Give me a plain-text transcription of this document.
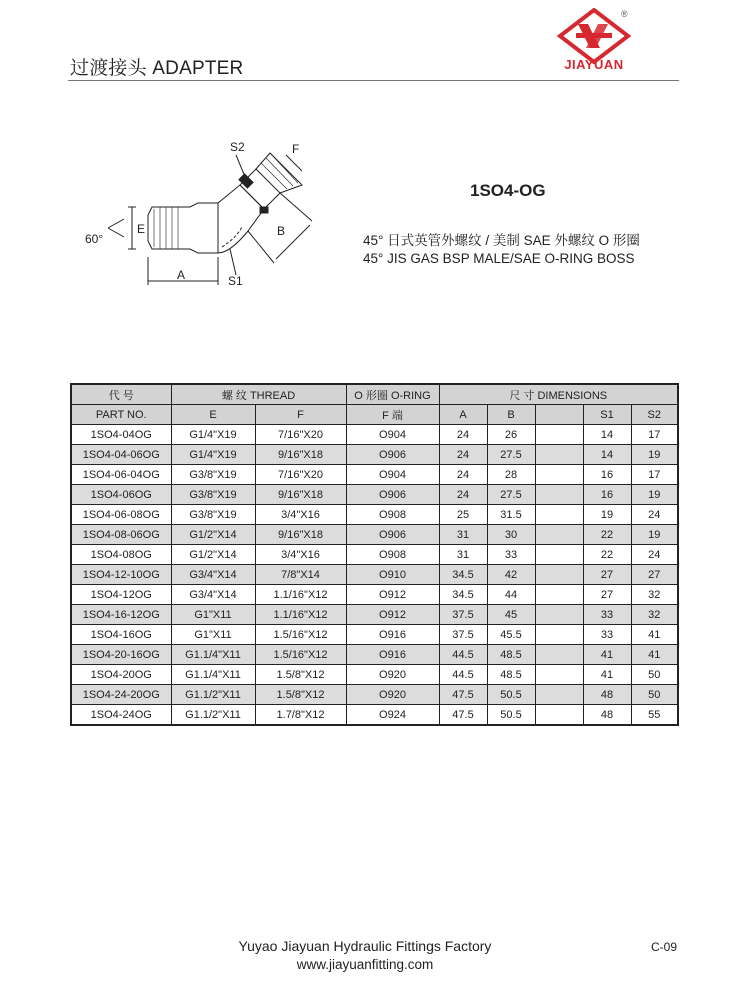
过渡接头 ADAPTER
®
JIAYUAN
S2	F
E
60°
B
A	S1
1SO4-OG
45° 日式英管外螺纹 / 美制 SAE 外螺纹 O 形圈
45° JIS GAS BSP MALE/SAE O-RING BOSS
代 号	螺 纹 THREAD		O 形圈 O-RING	尺 寸 DIMENSIONS				
PART NO.	E	F	F 端	A	B		S1	S2
1SO4-04OG	G1/4"X19	7/16"X20	O904	24	26		14	17
1SO4-04-06OG	G1/4"X19	9/16"X18	O906	24	27.5		14	19
1SO4-06-04OG	G3/8"X19	7/16"X20	O904	24	28		16	17
1SO4-06OG	G3/8"X19	9/16"X18	O906	24	27.5		16	19
1SO4-06-08OG	G3/8"X19	3/4"X16	O908	25	31.5		19	24
1SO4-08-06OG	G1/2"X14	9/16"X18	O906	31	30		22	19
1SO4-08OG	G1/2"X14	3/4"X16	O908	31	33		22	24
1SO4-12-10OG	G3/4"X14	7/8"X14	O910	34.5	42		27	27
1SO4-12OG	G3/4"X14	1.1/16"X12	O912	34.5	44		27	32
1SO4-16-12OG	G1"X11	1.1/16"X12	O912	37.5	45		33	32
1SO4-16OG	G1"X11	1.5/16"X12	O916	37.5	45.5		33	41
1SO4-20-16OG	G1.1/4"X11	1.5/16"X12	O916	44.5	48.5		41	41
1SO4-20OG	G1.1/4"X11	1.5/8"X12	O920	44.5	48.5		41	50
1SO4-24-20OG	G1.1/2"X11	1.5/8"X12	O920	47.5	50.5		48	50
1SO4-24OG	G1.1/2"X11	1.7/8"X12	O924	47.5	50.5		48	55
Yuyao Jiayuan Hydraulic Fittings Factory
www.jiayuanfitting.com
C-09
